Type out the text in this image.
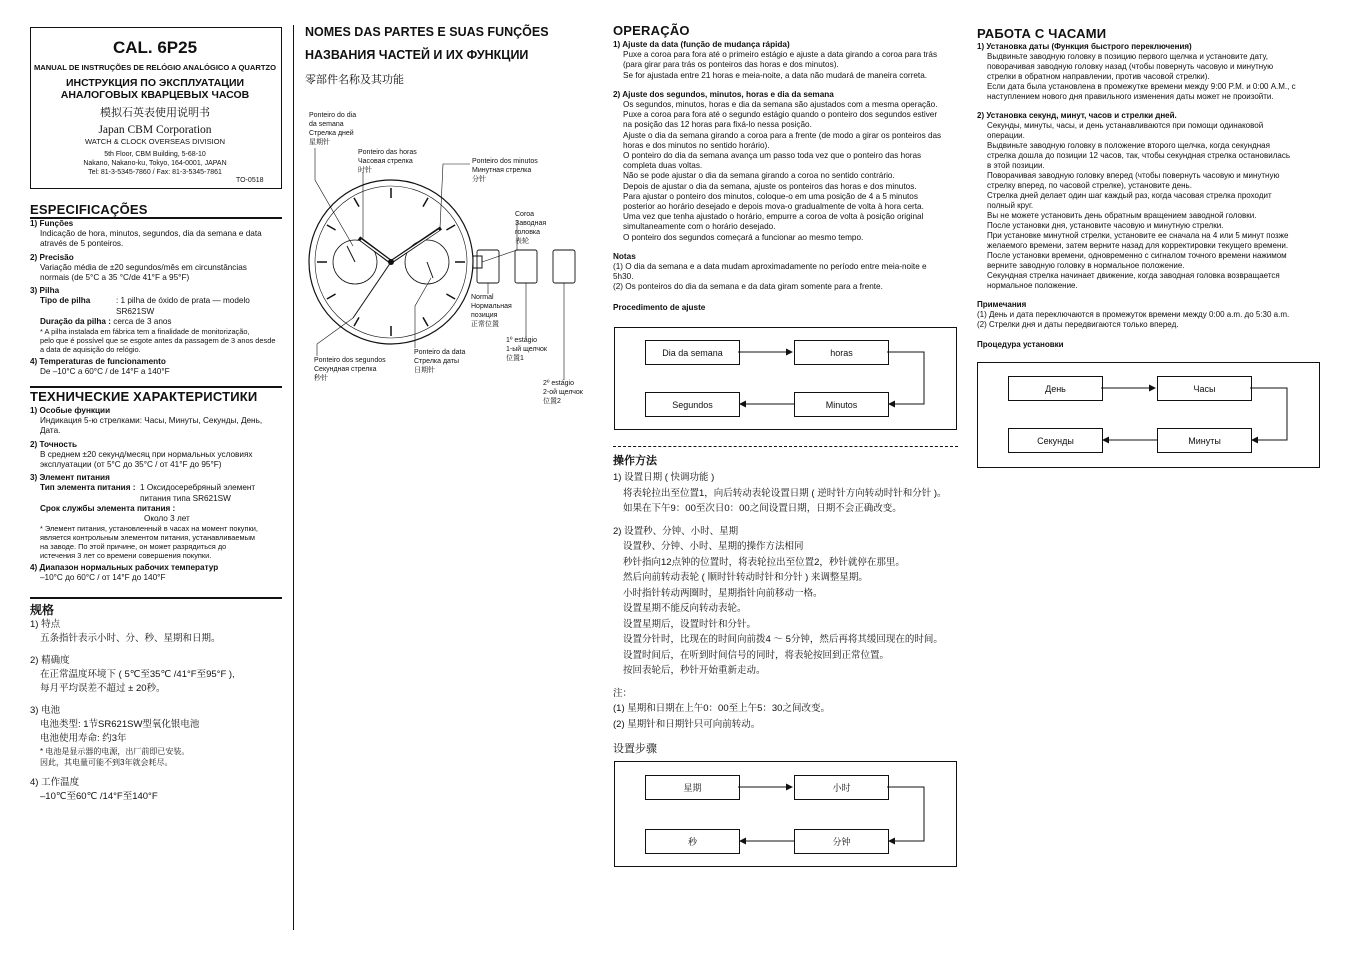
CAL. 6P25
MANUAL DE INSTRUÇÕES DE RELÓGIO ANALÓGICO A QUARTZO
ИНСТРУКЦИЯ ПО ЭКСПЛУАТАЦИИ
АНАЛОГОВЫХ КВАРЦЕВЫХ ЧАСОВ
模拟石英表使用说明书
Japan CBM Corporation
WATCH & CLOCK OVERSEAS DIVISION
5th Floor, CBM Building, 5-68-10
Nakano, Nakano-ku, Tokyo, 164-0001, JAPAN
Tel: 81-3-5345-7860 / Fax: 81-3-5345-7861
TO-0518
ESPECIFICAÇÕES

1) Funções

Indicação de hora, minutos, segundos, dia da semana e data
através de 5 ponteiros.

2) Precisão

Variação média de ±20 segundos/mês em circunstâncias
normais (de 5°C a 35 °C/de 41°F a 95°F)

3) Pilha

Tipo de pilha	: 1 pilha de óxido de prata — modelo
SR621SW
Duração da pilha : cerca de 3 anos

* A pilha instalada em fábrica tem a finalidade de monitorização,
pelo que é possível que se esgote antes da passagem de 3 anos desde
a data de aquisição do relógio.

4) Temperaturas de funcionamento

De –10°C a 60°C / de 14°F a 140°F

ТЕХНИЧЕСКИЕ ХАРАКТЕРИСТИКИ

1) Особые функции

Индикация 5-ю стрелками: Часы, Минуты, Секунды, День,
Дата.

2) Точность

В среднем ±20 секунд/месяц при нормальных условиях
эксплуатации (от 5°C до 35°C / от 41°F до 95°F)

3) Элемент питания

Тип элемента питания : 1 Оксидосеребряный элемент
питания типа SR621SW

Срок службы элемента питания :

Около 3 лет

* Элемент питания, установленный в часах на момент покупки,
является контрольным элементом питания, устанавливаемым
на заводе. По этой причине, он может разрядиться до
истечения 3 лет со времени совершения покупки.

4) Диапазон нормальных рабочих температур

–10°C до 60°C / от 14°F до 140°F

规格

1) 特点

五条指针表示小时、分、秒、星期和日期。

2) 精确度

在正常温度环境下 ( 5℃至35℃ /41°F至95°F ),
每月平均误差不超过 ± 20秒。

3) 电池

电池类型: 1节SR621SW型氧化银电池
电池使用寿命: 约3年

* 电池是显示器的电源，出厂前即已安装。
因此，其电量可能不到3年就会耗尽。

4) 工作温度

–10℃至60℃ /14°F至140°F

NOMES DAS PARTES E SUAS FUNÇÕES
НАЗВАНИЯ ЧАСТЕЙ И ИХ ФУНКЦИИ
零部件名称及其功能
Ponteiro do dia
da semana
Стрелка дней
星期针
Ponteiro das horas
Часовая стрелка
时针
Ponteiro dos minutos
Минутная стрелка
分针
Coroa
Заводная
головка
表轮
Normal
Нормальная
позиция
正常位置
1º estágio
1-ый щелчок
位置1
2º estágio
2-ой щелчок
位置2
Ponteiro dos segundos
Секундная стрелка
秒针
Ponteiro da data
Стрелка даты
日期针
OPERAÇÃO

1) Ajuste da data (função de mudança rápida)

Puxe a coroa para fora até o primeiro estágio e ajuste a data girando a coroa para trás
(para girar para trás os ponteiros das horas e dos minutos).
Se for ajustada entre 21 horas e meia-noite, a data não mudará de maneira correta.

2) Ajuste dos segundos, minutos, horas e dia da semana

Os segundos, minutos, horas e dia da semana são ajustados com a mesma operação.
Puxe a coroa para fora até o segundo estágio quando o ponteiro dos segundos estiver
na posição das 12 horas para fixá-lo nessa posição.
Ajuste o dia da semana girando a coroa para a frente (de modo a girar os ponteiros das
horas e dos minutos no sentido horário).
O ponteiro do dia da semana avança um passo toda vez que o ponteiro das horas
completa duas voltas.
Não se pode ajustar o dia da semana girando a coroa no sentido contrário.
Depois de ajustar o dia da semana, ajuste os ponteiros das horas e dos minutos.
Para ajustar o ponteiro dos minutos, coloque-o em uma posição de 4 a 5 minutos
posterior ao horário desejado e depois mova-o gradualmente de volta à hora certa.
Uma vez que tenha ajustado o horário, empurre a coroa de volta à posição original
simultaneamente com o horário desejado.
O ponteiro dos segundos começará a funcionar ao mesmo tempo.

Notas

(1) O dia da semana e a data mudam aproximadamente no período entre meia-noite e
5h30.
(2) Os ponteiros do dia da semana e da data giram somente para a frente.

Procedimento de ajuste

Dia da semana	horas
Segundos	Minutos
操作方法

1) 设置日期 ( 快调功能 )

将表轮拉出至位置1，向后转动表轮设置日期 ( 逆时针方向转动时针和分针 )。
如果在下午9：00至次日0：00之间设置日期，日期不会正确改变。

2) 设置秒、分钟、小时、星期

设置秒、分钟、小时、星期的操作方法相同
秒针指向12点钟的位置时，将表轮拉出至位置2，秒针就停在那里。
然后向前转动表轮 ( 顺时针转动时针和分针 ) 来调整星期。
小时指针转动两圈时，星期指针向前移动一格。
设置星期不能反向转动表轮。
设置星期后，设置时针和分针。
设置分针时，比现在的时间向前拨4 ～ 5分钟，然后再将其缓回现在的时间。
设置时间后，在听到时间信号的同时，将表轮按回到正常位置。
按回表轮后，秒针开始重新走动。

注：

(1) 星期和日期在上午0：00至上午5：30之间改变。
(2) 星期针和日期针只可向前转动。

设置步骤

星期	小时
秒	分钟
РАБОТА С ЧАСАМИ

1) Установка даты (Функция быстрого переключения)

Выдвиньте заводную головку в позицию первого щелчка и установите дату,
поворачивая заводную головку назад (чтобы повернуть часовую и минутную
стрелки в обратном направлении, против часовой стрелки).
Если дата была установлена в промежутке времени между 9:00 P.M. и 0:00 A.M., с
наступлением нового дня правильного изменения даты может не произойти.

2) Установка секунд, минут, часов и стрелки дней.

Секунды, минуты, часы, и день устанавливаются при помощи одинаковой
операции.
Выдвиньте заводную головку в положение второго щелчка, когда секундная
стрелка дошла до позиции 12 часов, так, чтобы секундная стрелка остановилась
в этой позиции.
Поворачивая заводную головку вперед (чтобы повернуть часовую и минутную
стрелку вперед, по часовой стрелке), установите день.
Стрелка дней делает один шаг каждый раз, когда часовая стрелка проходит
полный круг.
Вы не можете установить день обратным вращением заводной головки.
После установки дня, установите часовую и минутную стрелки.
При установке минутной стрелки, установите ее сначала на 4 или 5 минут позже
желаемого времени, затем верните назад для корректировки текущего времени.
После установки времени, одновременно с сигналом точного времени нажимом
верните заводную головку в нормальное положение.
Секундная стрелка начинает движение, когда заводная головка возвращается
нормальное положение.

Примечания

(1) День и дата переключаются в промежуток времени между 0:00 a.m. до 5:30 a.m.
(2) Стрелки дня и даты передвигаются только вперед.

Процедура установки

День	Часы
Секунды	Минуты
